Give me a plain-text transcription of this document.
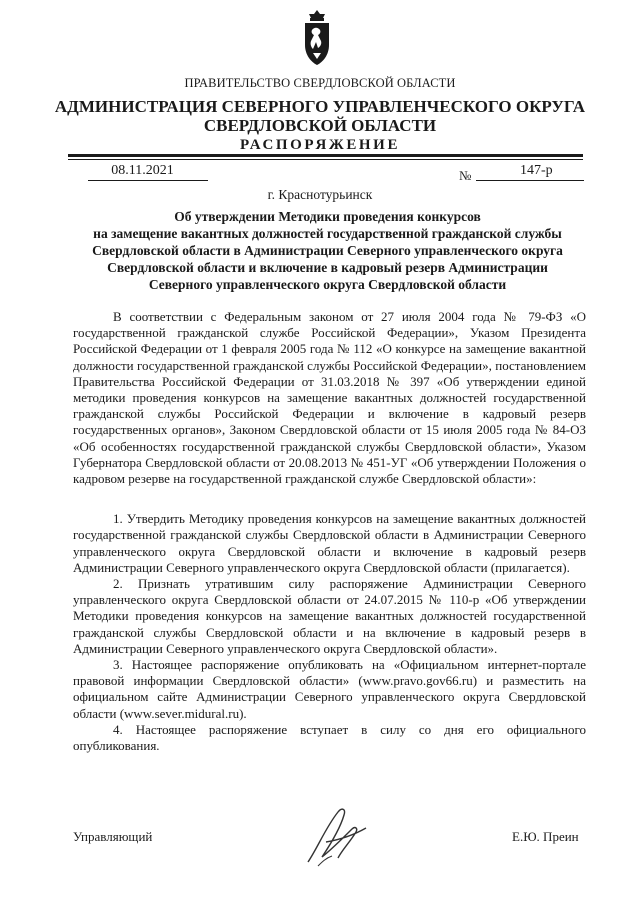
ПРАВИТЕЛЬСТВО СВЕРДЛОВСКОЙ ОБЛАСТИ
АДМИНИСТРАЦИЯ СЕВЕРНОГО УПРАВЛЕНЧЕСКОГО ОКРУГА
СВЕРДЛОВСКОЙ ОБЛАСТИ
РАСПОРЯЖЕНИЕ
08.11.2021	№	147-р
г. Краснотурьинск
Об утверждении Методики проведения конкурсов
на замещение вакантных должностей государственной гражданской службы
Свердловской области в Администрации Северного управленческого округа
Свердловской области и включение в кадровый резерв Администрации
Северного управленческого округа Свердловской области

В соответствии с Федеральным законом от 27 июля 2004 года № 79-ФЗ «О государственной гражданской службе Российской Федерации», Указом Президента Российской Федерации от 1 февраля 2005 года № 112 «О конкурсе на замещение вакантной должности государственной гражданской службы Российской Федерации», постановлением Правительства Российской Федерации от 31.03.2018 № 397 «Об утверждении единой методики проведения конкурсов на замещение вакантных должностей государственной гражданской службы Российской Федерации и включение в кадровый резерв государственных органов», Законом Свердловской области от 15 июля 2005 года № 84-ОЗ «Об особенностях государственной гражданской службы Свердловской области», Указом Губернатора Свердловской области от 20.08.2013 № 451-УГ «Об утверждении Положения о кадровом резерве на государственной гражданской службе Свердловской области»:

1. Утвердить Методику проведения конкурсов на замещение вакантных должностей государственной гражданской службы Свердловской области в Администрации Северного управленческого округа Свердловской области и включение в кадровый резерв Администрации Северного управленческого округа Свердловской области (прилагается).

2. Признать утратившим силу распоряжение Администрации Северного управленческого округа Свердловской области от 24.07.2015 № 110-р «Об утверждении Методики проведения конкурсов на замещение вакантных должностей государственной гражданской службы Свердловской области и на включение в кадровый резерв в Администрации Северного управленческого округа Свердловской области».

3. Настоящее распоряжение опубликовать на «Официальном интернет-портале правовой информации Свердловской области» (www.pravo.gov66.ru) и разместить на официальном сайте Администрации Северного управленческого округа Свердловской области (www.sever.midural.ru).

4. Настоящее распоряжение вступает в силу со дня его официального опубликования.

Управляющий	Е.Ю. Преин
